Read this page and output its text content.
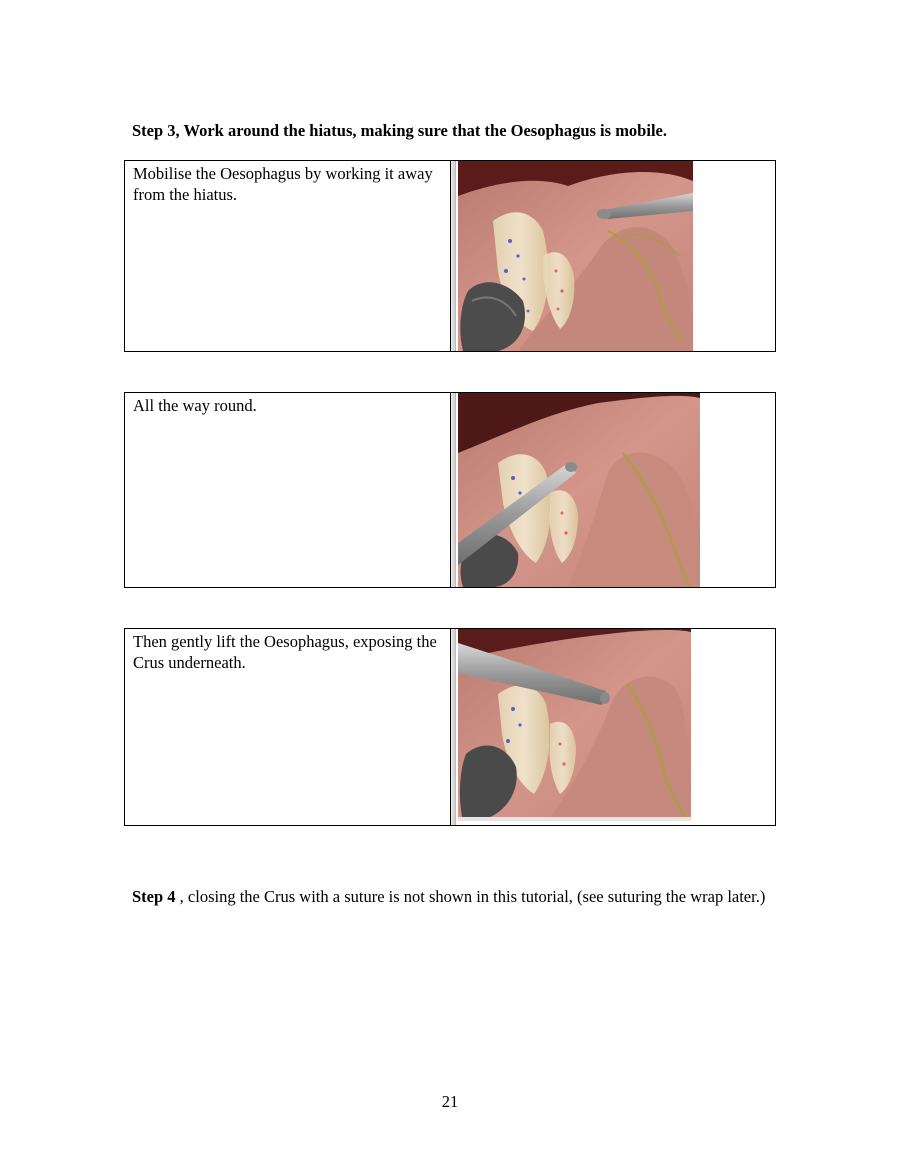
Step 3, Work around the hiatus, making sure that the Oesophagus is mobile.
Mobilise the Oesophagus by working it away from the hiatus.
All the way round.
Then gently lift the Oesophagus, exposing the Crus underneath.

Step 4 , closing the Crus with a suture is not shown in this tutorial, (see suturing the wrap later.)

21
